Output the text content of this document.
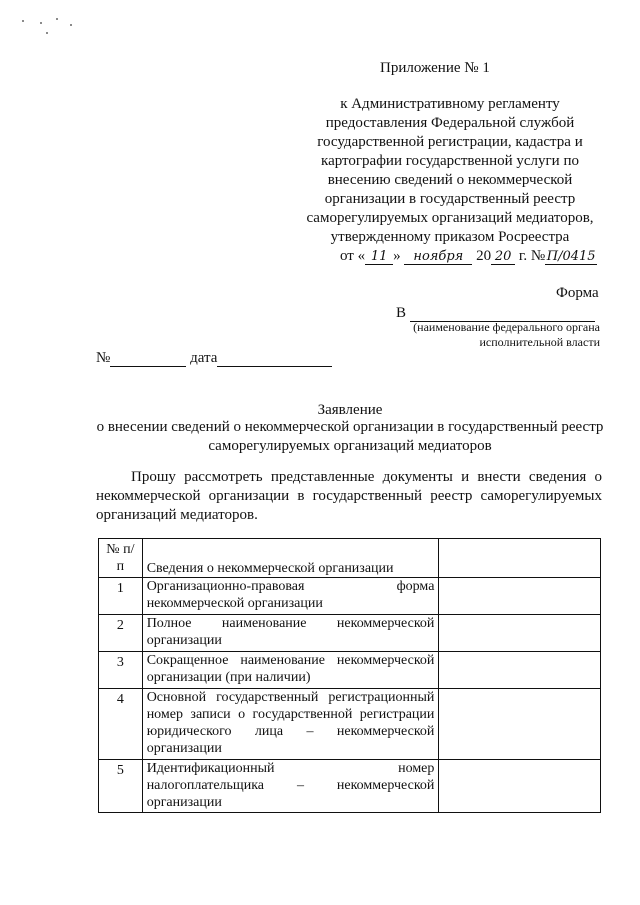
Приложение № 1
к Административному регламенту предоставления Федеральной службой государственной регистрации, кадастра и картографии государственной услуги по внесению сведений о некоммерческой организации в государственный реестр саморегулируемых организаций медиаторов, утвержденному приказом Росреестра
от « 11 » ноября 20 20 г. № П/0415
Форма
В
(наименование федерального органа исполнительной власти
№	дата
Заявление
о внесении сведений о некоммерческой организации в государственный реестр саморегулируемых организаций медиаторов
Прошу рассмотреть представленные документы и внести сведения о некоммерческой организации в государственный реестр саморегулируемых организаций медиаторов.
№ п/п	Сведения о некоммерческой организации	
1	Организационно-правовая форма некоммерческой организации	
2	Полное наименование некоммерческой организации	
3	Сокращенное наименование некоммерческой организации (при наличии)	
4	Основной государственный регистрационный номер записи о государственной регистрации юридического лица – некоммерческой организации	
5	Идентификационный номер налогоплательщика – некоммерческой организации	
